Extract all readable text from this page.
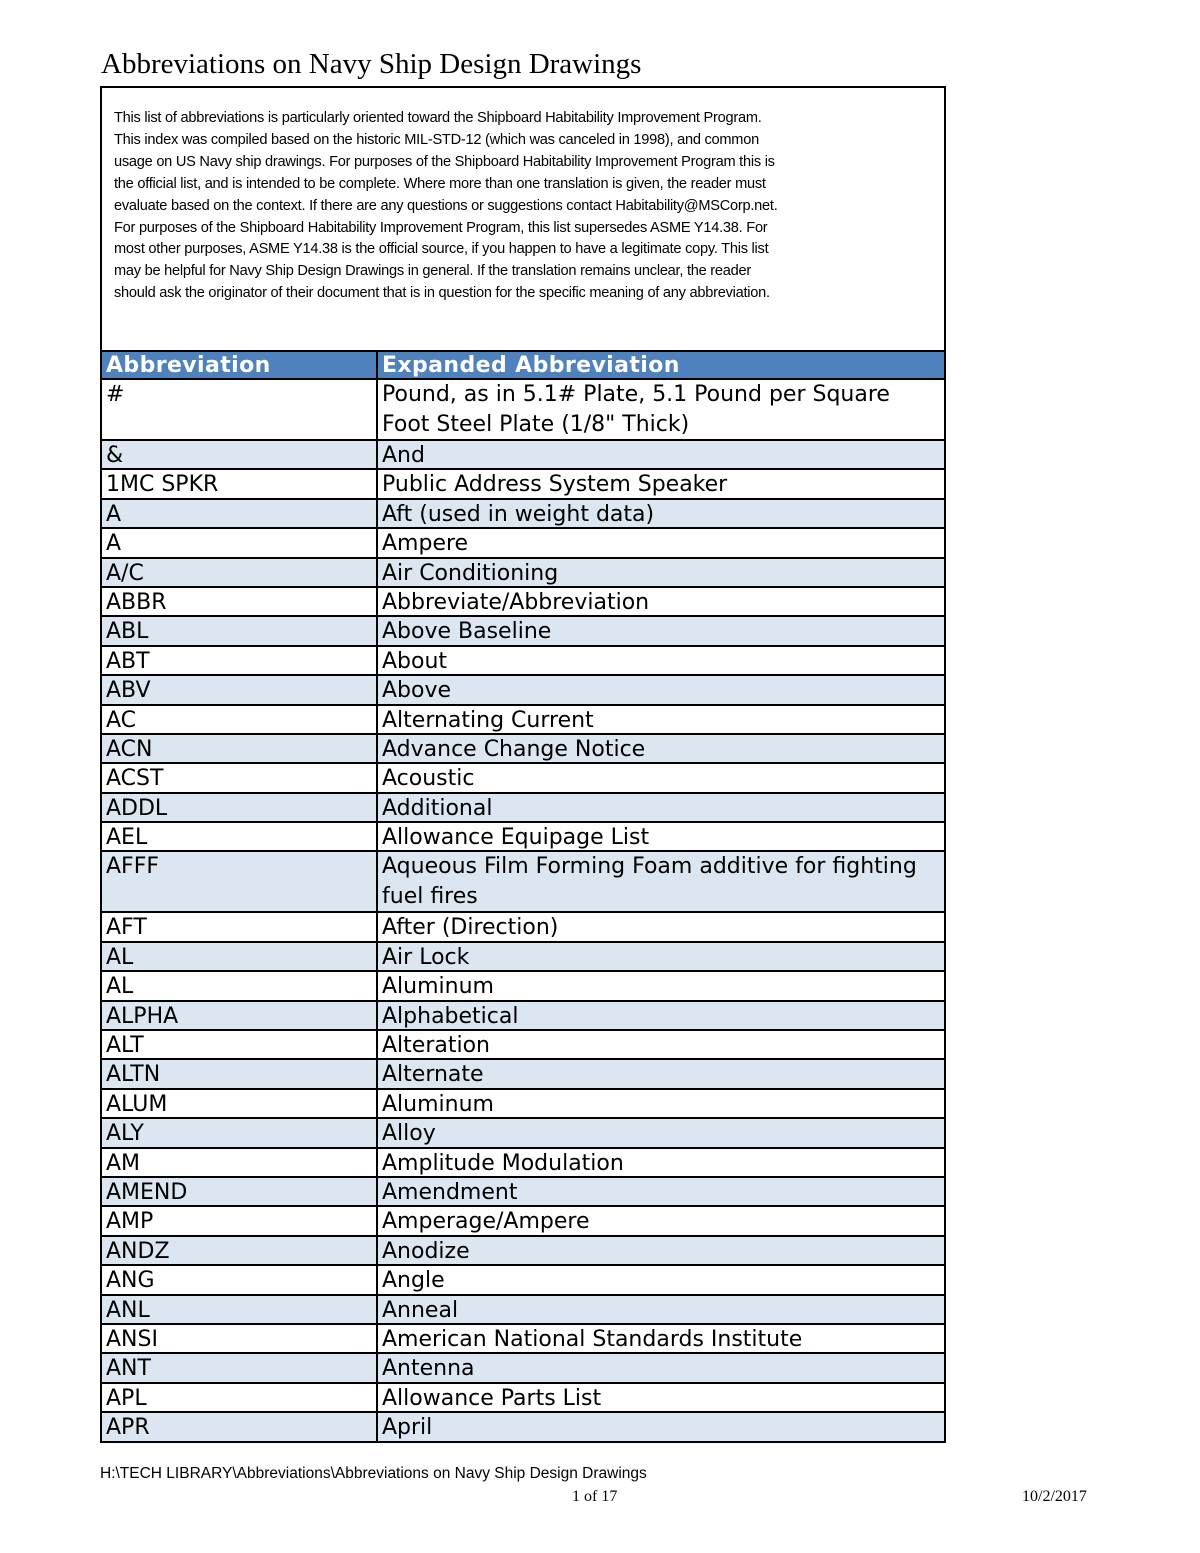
Abbreviations on Navy Ship Design Drawings
This list of abbreviations is particularly oriented toward the Shipboard Habitability Improvement Program.
This index was compiled based on the historic MIL-STD-12 (which was canceled in 1998), and common
usage on US Navy ship drawings. For purposes of the Shipboard Habitability Improvement Program this is
the official list, and is intended to be complete. Where more than one translation is given, the reader must
evaluate based on the context. If there are any questions or suggestions contact Habitability@MSCorp.net.
For purposes of the Shipboard Habitability Improvement Program, this list supersedes ASME Y14.38. For
most other purposes, ASME Y14.38 is the official source, if you happen to have a legitimate copy. This list
may be helpful for Navy Ship Design Drawings in general. If the translation remains unclear, the reader
should ask the originator of their document that is in question for the specific meaning of any abbreviation.
Abbreviation	Expanded Abbreviation
#	Pound, as in 5.1# Plate, 5.1 Pound per Square Foot Steel Plate (1/8" Thick)
&	And
1MC SPKR	Public Address System Speaker
A	Aft (used in weight data)
A	Ampere
A/C	Air Conditioning
ABBR	Abbreviate/Abbreviation
ABL	Above Baseline
ABT	About
ABV	Above
AC	Alternating Current
ACN	Advance Change Notice
ACST	Acoustic
ADDL	Additional
AEL	Allowance Equipage List
AFFF	Aqueous Film Forming Foam additive for fighting fuel fires
AFT	After (Direction)
AL	Air Lock
AL	Aluminum
ALPHA	Alphabetical
ALT	Alteration
ALTN	Alternate
ALUM	Aluminum
ALY	Alloy
AM	Amplitude Modulation
AMEND	Amendment
AMP	Amperage/Ampere
ANDZ	Anodize
ANG	Angle
ANL	Anneal
ANSI	American National Standards Institute
ANT	Antenna
APL	Allowance Parts List
APR	April
H:\TECH LIBRARY\Abbreviations\Abbreviations on Navy Ship Design Drawings
1 of 17	10/2/2017
